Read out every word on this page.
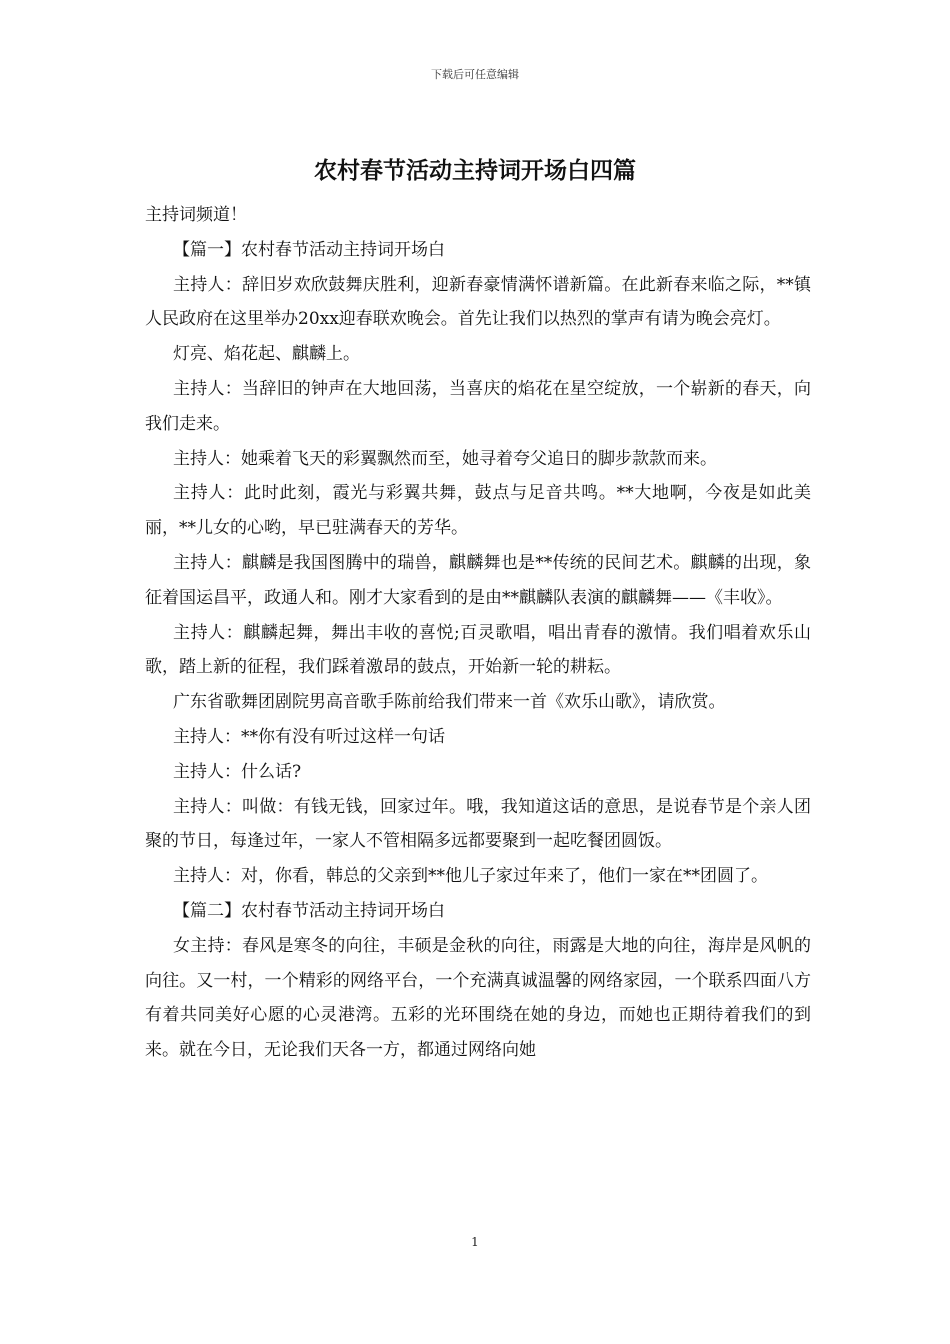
下载后可任意编辑
农村春节活动主持词开场白四篇

主持词频道！

【篇一】农村春节活动主持词开场白

主持人：辞旧岁欢欣鼓舞庆胜利，迎新春豪情满怀谱新篇。在此新春来临之际，**镇人民政府在这里举办20xx迎春联欢晚会。首先让我们以热烈的掌声有请为晚会亮灯。

灯亮、焰花起、麒麟上。

主持人：当辞旧的钟声在大地回荡，当喜庆的焰花在星空绽放，一个崭新的春天，向我们走来。

主持人：她乘着飞天的彩翼飘然而至，她寻着夸父追日的脚步款款而来。

主持人：此时此刻，霞光与彩翼共舞，鼓点与足音共鸣。**大地啊，今夜是如此美丽，**儿女的心哟，早已驻满春天的芳华。

主持人：麒麟是我国图腾中的瑞兽，麒麟舞也是**传统的民间艺术。麒麟的出现，象征着国运昌平，政通人和。刚才大家看到的是由**麒麟队表演的麒麟舞——《丰收》。

主持人：麒麟起舞，舞出丰收的喜悦;百灵歌唱，唱出青春的激情。我们唱着欢乐山歌，踏上新的征程，我们踩着激昂的鼓点，开始新一轮的耕耘。

广东省歌舞团剧院男高音歌手陈前给我们带来一首《欢乐山歌》，请欣赏。

主持人：**你有没有听过这样一句话

主持人：什么话?

主持人：叫做：有钱无钱，回家过年。哦，我知道这话的意思，是说春节是个亲人团聚的节日，每逢过年，一家人不管相隔多远都要聚到一起吃餐团圆饭。

主持人：对，你看，韩总的父亲到**他儿子家过年来了，他们一家在**团圆了。

【篇二】农村春节活动主持词开场白

女主持：春风是寒冬的向往，丰硕是金秋的向往，雨露是大地的向往，海岸是风帆的向往。又一村，一个精彩的网络平台，一个充满真诚温馨的网络家园，一个联系四面八方有着共同美好心愿的心灵港湾。五彩的光环围绕在她的身边，而她也正期待着我们的到来。就在今日，无论我们天各一方，都通过网络向她

1
